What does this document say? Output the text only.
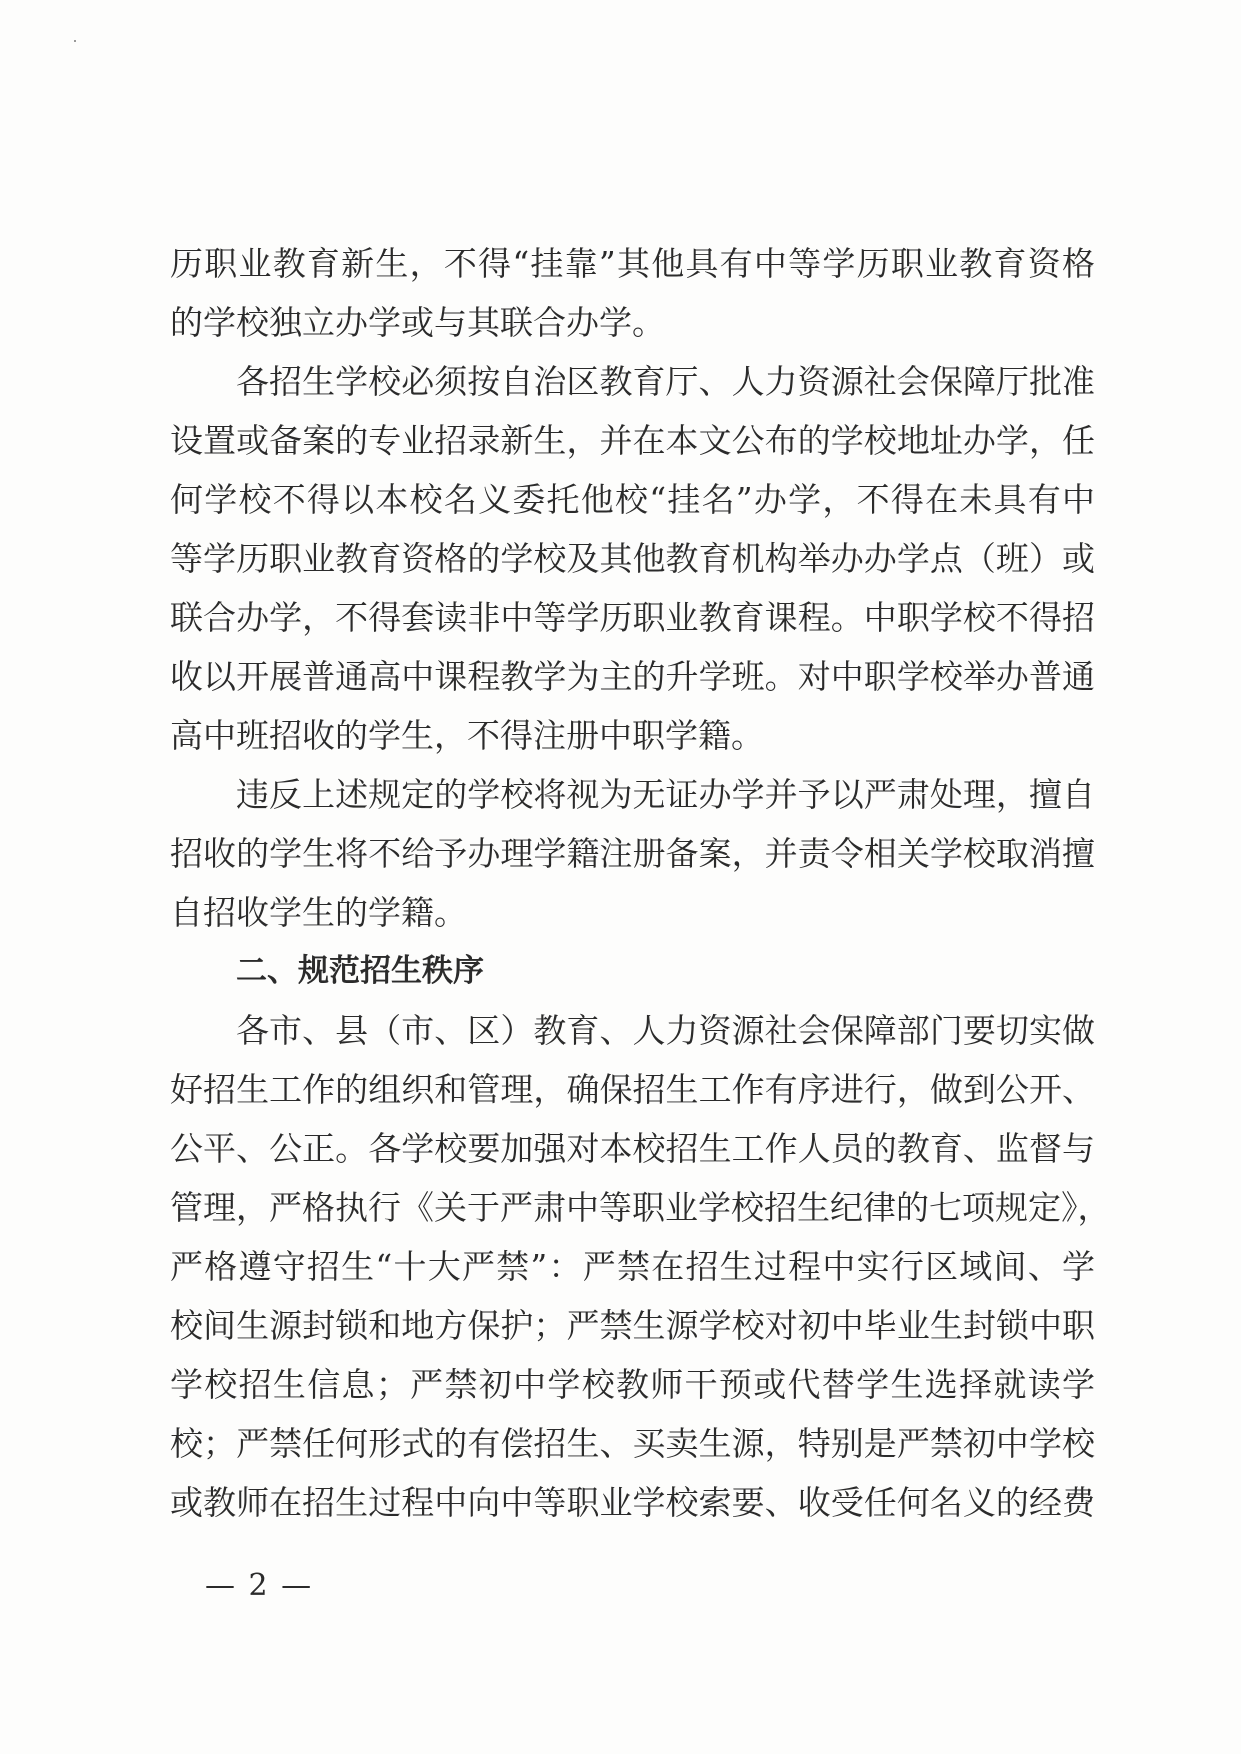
历职业教育新生，不得“挂靠”其他具有中等学历职业教育资格
的学校独立办学或与其联合办学。
各招生学校必须按自治区教育厅、人力资源社会保障厅批准
设置或备案的专业招录新生，并在本文公布的学校地址办学，任
何学校不得以本校名义委托他校“挂名”办学，不得在未具有中
等学历职业教育资格的学校及其他教育机构举办办学点（班）或
联合办学，不得套读非中等学历职业教育课程。中职学校不得招
收以开展普通高中课程教学为主的升学班。对中职学校举办普通
高中班招收的学生，不得注册中职学籍。
违反上述规定的学校将视为无证办学并予以严肃处理，擅自
招收的学生将不给予办理学籍注册备案，并责令相关学校取消擅
自招收学生的学籍。
二、规范招生秩序
各市、县（市、区）教育、人力资源社会保障部门要切实做
好招生工作的组织和管理，确保招生工作有序进行，做到公开、
公平、公正。各学校要加强对本校招生工作人员的教育、监督与
管理，严格执行《关于严肃中等职业学校招生纪律的七项规定》，
严格遵守招生“十大严禁”：严禁在招生过程中实行区域间、学
校间生源封锁和地方保护；严禁生源学校对初中毕业生封锁中职
学校招生信息；严禁初中学校教师干预或代替学生选择就读学
校；严禁任何形式的有偿招生、买卖生源，特别是严禁初中学校
或教师在招生过程中向中等职业学校索要、收受任何名义的经费
— 2 —
